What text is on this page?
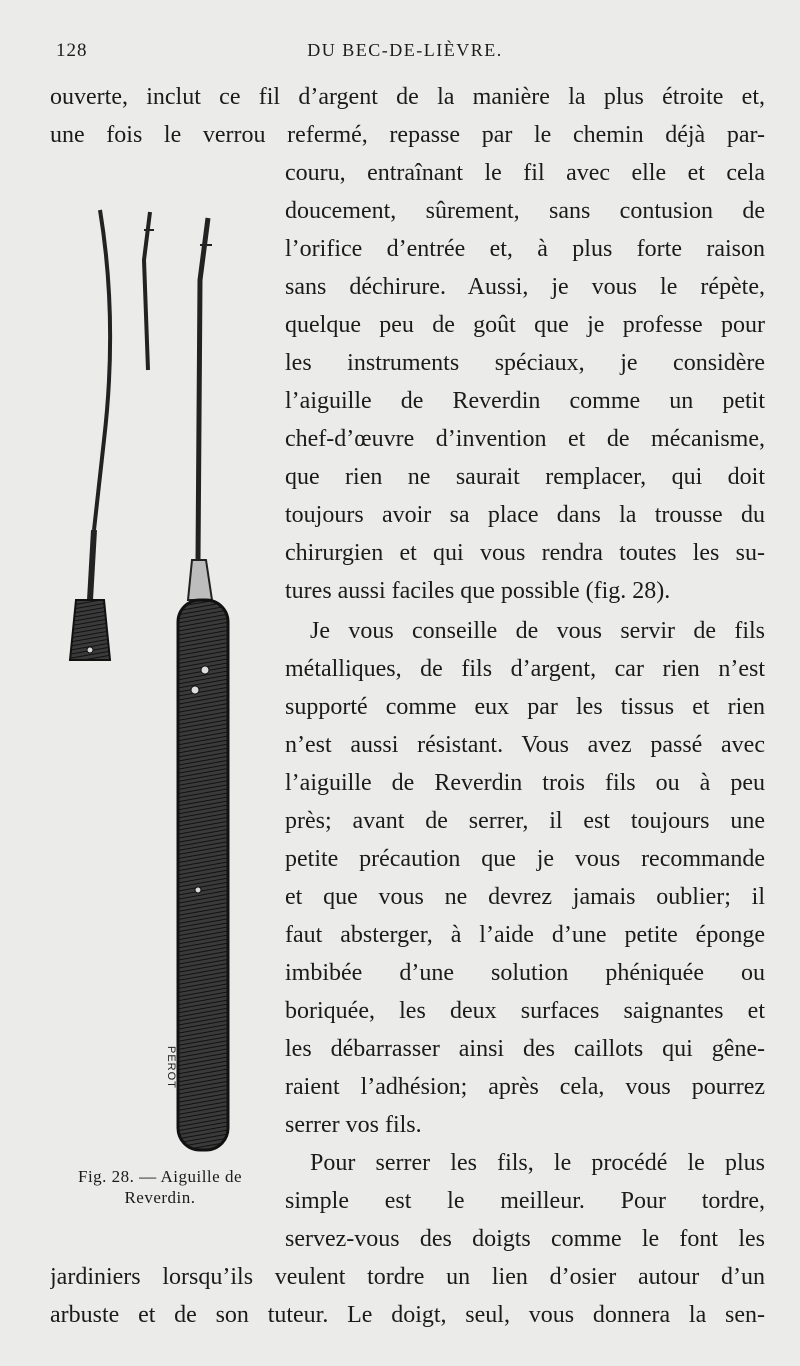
128	DU BEC-DE-LIÈVRE.
ouverte, inclut ce fil d’argent de la manière la plus étroite et,
une fois le verrou refermé, repasse par le chemin déjà par-
couru, entraînant le fil avec elle et cela
doucement, sûrement, sans contusion de
l’orifice d’entrée et, à plus forte raison
sans déchirure. Aussi, je vous le répète,
quelque peu de goût que je professe pour
les instruments spéciaux, je considère
l’aiguille de Reverdin comme un petit
chef-d’œuvre d’invention et de mécanisme,
que rien ne saurait remplacer, qui doit
toujours avoir sa place dans la trousse du
chirurgien et qui vous rendra toutes les su-
tures aussi faciles que possible (fig. 28).
Je vous conseille de vous servir de fils
métalliques, de fils d’argent, car rien n’est
supporté comme eux par les tissus et rien
n’est aussi résistant. Vous avez passé avec
l’aiguille de Reverdin trois fils ou à peu
près; avant de serrer, il est toujours une
petite précaution que je vous recommande
et que vous ne devrez jamais oublier; il
faut absterger, à l’aide d’une petite éponge
imbibée d’une solution phéniquée ou
boriquée, les deux surfaces saignantes et
les débarrasser ainsi des caillots qui gêne-
raient l’adhésion; après cela, vous pourrez
serrer vos fils.
Pour serrer les fils, le procédé le plus
simple est le meilleur. Pour tordre,
servez-vous des doigts comme le font les
jardiniers lorsqu’ils veulent tordre un lien d’osier autour d’un
arbuste et de son tuteur. Le doigt, seul, vous donnera la sen-
PEROT
Fig. 28. — Aiguille de
Reverdin.
